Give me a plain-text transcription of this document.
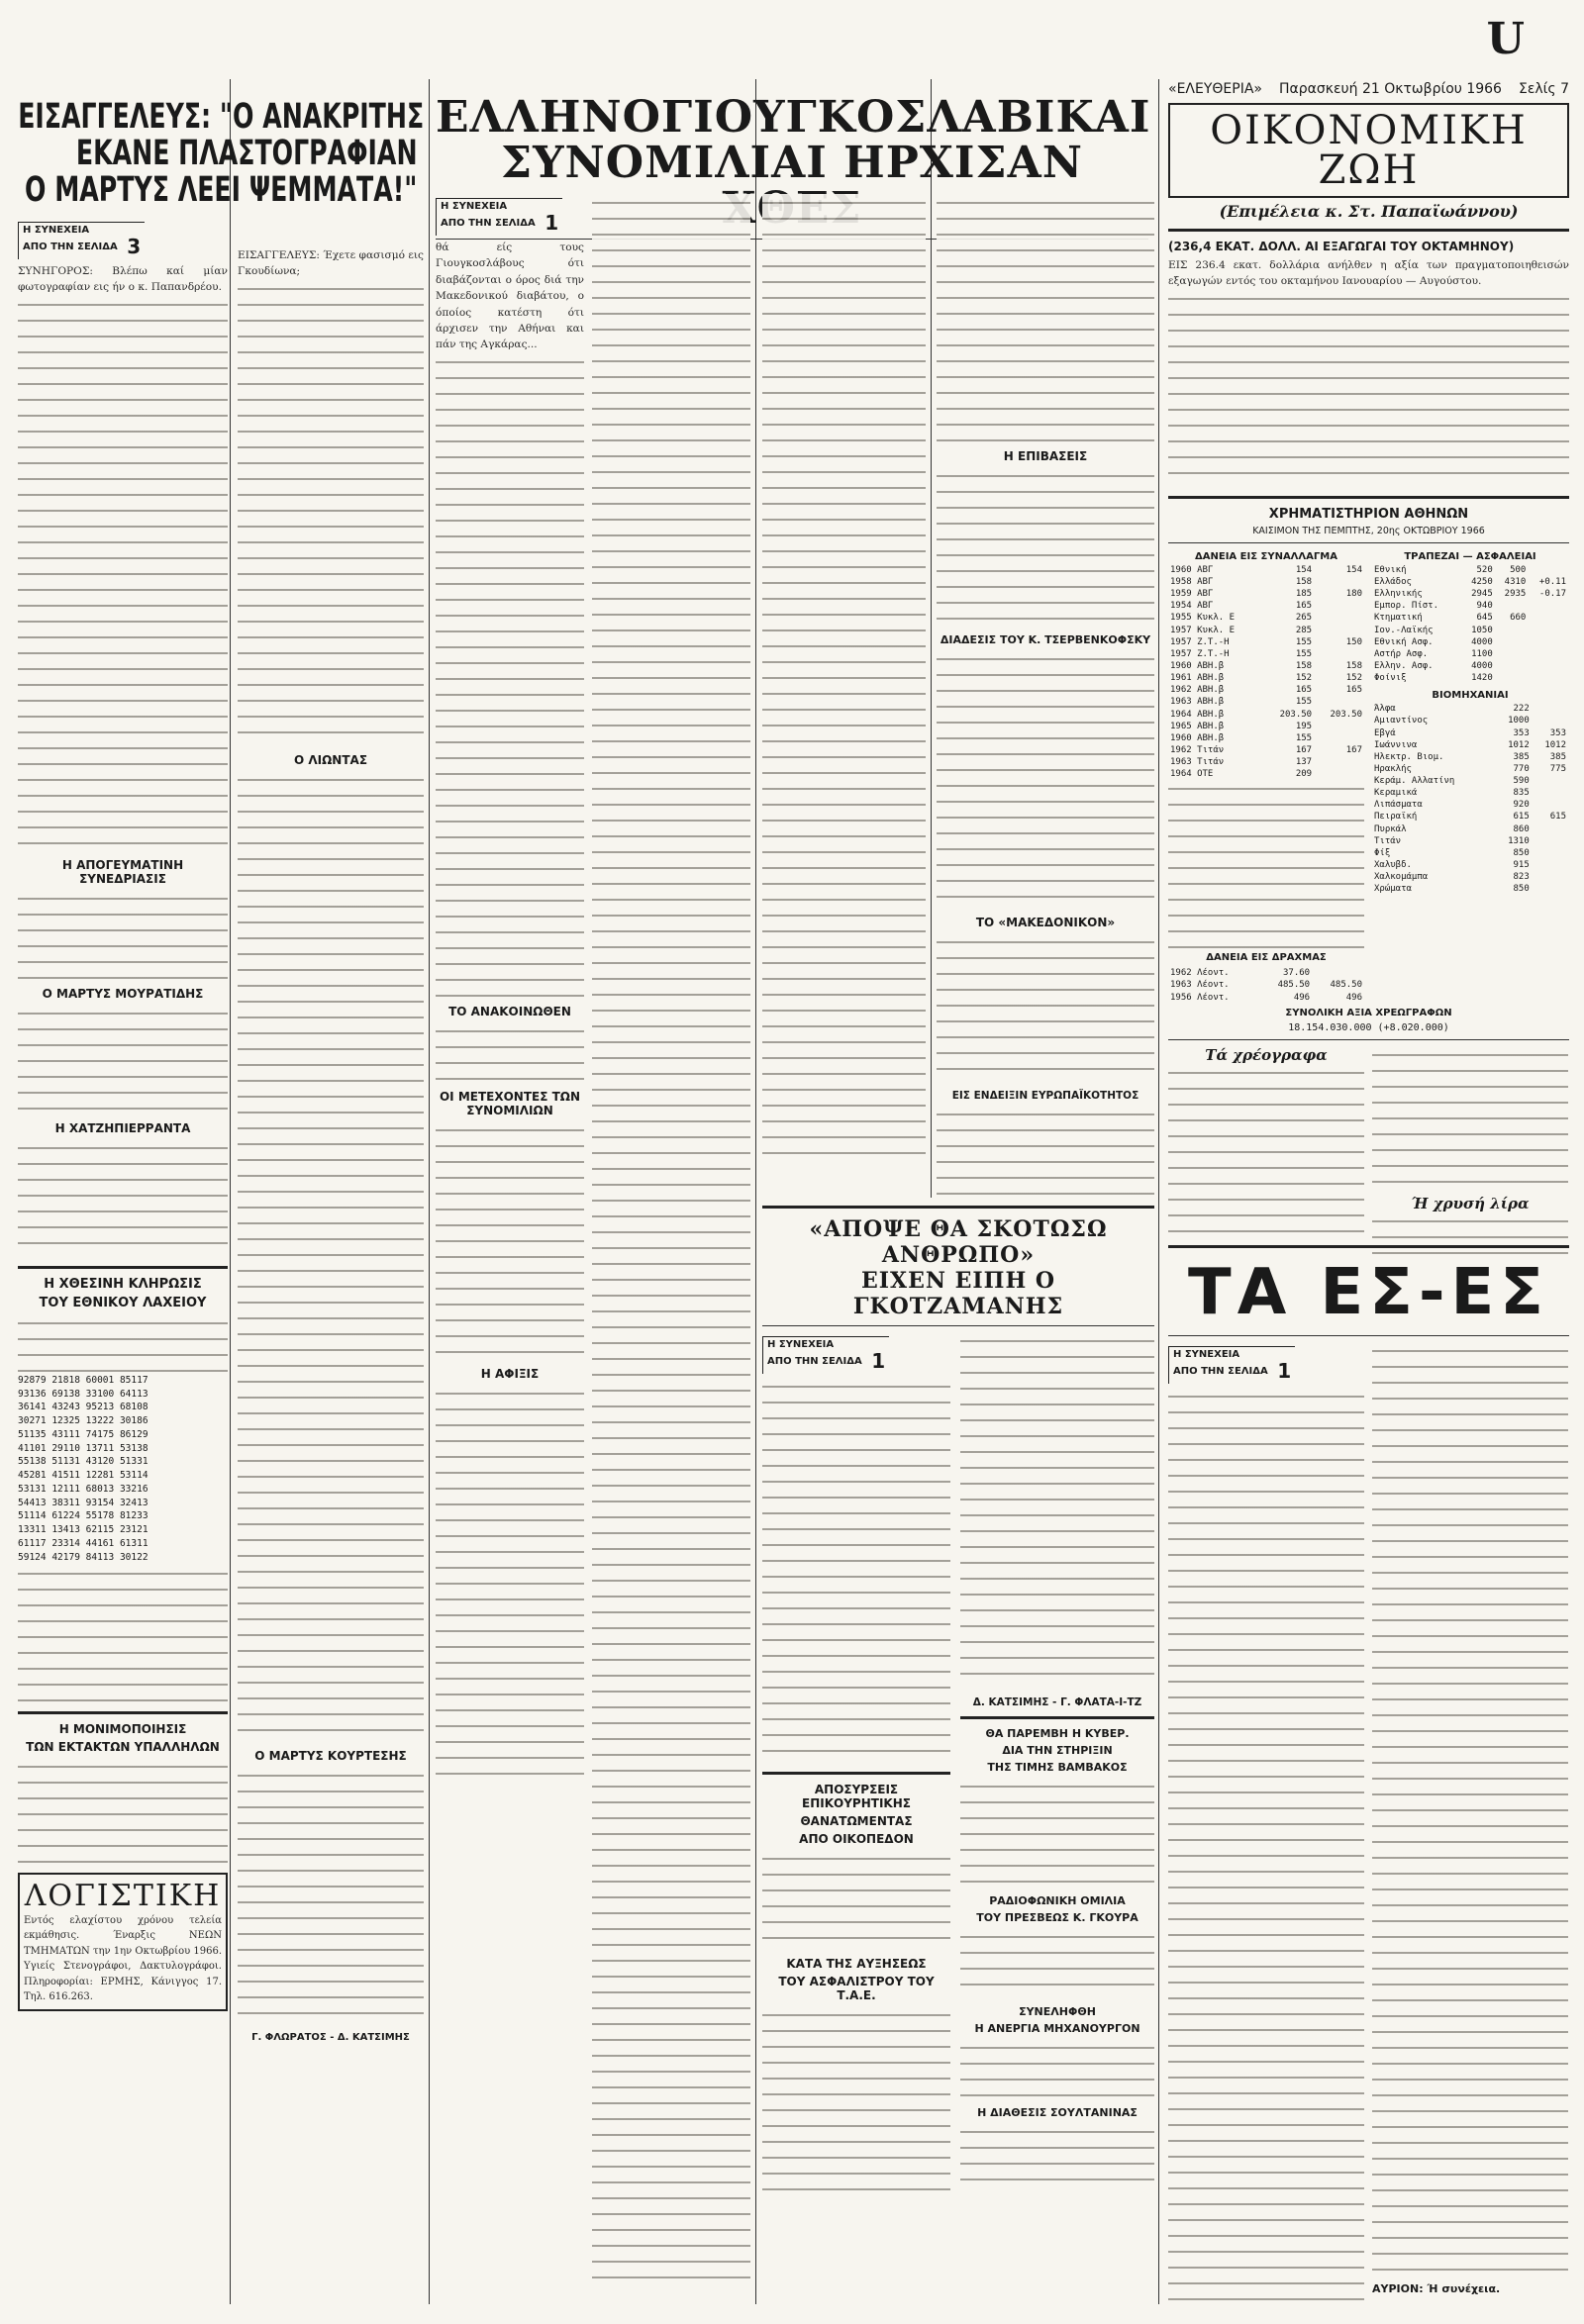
U
ΕΙΣΑΓΓΕΛΕΥΣ: "Ο ΑΝΑΚΡΙΤΗΣ
ΕΚΑΝΕ ΠΛΑΣΤΟΓΡΑΦΙΑΝ
Ο ΜΑΡΤΥΣ ΛΕΕΙ ΨΕΜΜΑΤΑ!"
Η ΣΥΝΕΧΕΙΑ
ΑΠΟ ΤΗΝ ΣΕΛΙΔΑ 3
ΣΥΝΗΓΟΡΟΣ: Βλέπω καί μίαν φωτογραφίαν εις ήν ο κ. Παπανδρέου.
Η ΑΠΟΓΕΥΜΑΤΙΝΗ ΣΥΝΕΔΡΙΑΣΙΣ
Ο ΜΑΡΤΥΣ ΜΟΥΡΑΤΙΔΗΣ
Η ΧΑΤΖΗΠΙΕΡΡΑΝΤΑ
Η ΧΘΕΣΙΝΗ ΚΛΗΡΩΣΙΣ
ΤΟΥ ΕΘΝΙΚΟΥ ΛΑΧΕΙΟΥ
92879 21818 60001 85117
93136 69138 33100 64113
36141 43243 95213 68108
30271 12325 13222 30186
51135 43111 74175 86129
41101 29110 13711 53138
55138 51131 43120 51331
45281 41511 12281 53114
53131 12111 68013 33216
54413 38311 93154 32413
51114 61224 55178 81233
13311 13413 62115 23121
61117 23314 44161 61311
59124 42179 84113 30122
Η ΜΟΝΙΜΟΠΟΙΗΣΙΣ
ΤΩΝ ΕΚΤΑΚΤΩΝ ΥΠΑΛΛΗΛΩΝ
ΛΟΓΙΣΤΙΚΗ
Εντός ελαχίστου χρόνου τελεία εκμάθησις. Έναρξις ΝΕΩΝ ΤΜΗΜΑΤΩΝ την 1ην Οκτωβρίου 1966. Υγιείς Στενογράφοι, Δακτυλογράφοι. Πληροφορίαι: ΕΡΜΗΣ, Κάνιγγος 17. Τηλ. 616.263.
ΕΙΣΑΓΓΕΛΕΥΣ: Έχετε φασισμό εις Γκουδίωνα;
Ο ΛΙΩΝΤΑΣ
Ο ΜΑΡΤΥΣ ΚΟΥΡΤΕΣΗΣ
Γ. ΦΛΩΡΑΤΟΣ - Δ. ΚΑΤΣΙΜΗΣ
ΕΛΛΗΝΟΓΙΟΥΓΚΟΣΛΑΒΙΚΑΙ
ΣΥΝΟΜΙΛΙΑΙ ΗΡΧΙΣΑΝ
Η ΣΥΝΕΧΕΙΑ
ΑΠΟ ΤΗΝ ΣΕΛΙΔΑ 1
θά είς τους Γιουγκοσλάβους ότι διαβάζονται ο όρος διά την Μακεδονικού διαβάτου, ο όποίος κατέστη ότι άρχισεν την Αθήναι και πάν της Αγκάρας...
ΤΟ ΑΝΑΚΟΙΝΩΘΕΝ
ΟΙ ΜΕΤΕΧΟΝΤΕΣ ΤΩΝ ΣΥΝΟΜΙΛΙΩΝ
Η ΑΦΙΞΙΣ
Η ΕΠΙΒΑΣΕΙΣ
ΔΙΑΔΕΣΙΣ ΤΟΥ Κ. ΤΣΕΡΒΕΝΚΟΦΣΚΥ
ΤΟ «ΜΑΚΕΔΟΝΙΚΟΝ»
ΕΙΣ ΕΝΔΕΙΞΙΝ ΕΥΡΩΠΑΪΚΟΤΗΤΟΣ
«ΑΠΟΨΕ ΘΑ ΣΚΟΤΩΣΩ ΑΝΘΡΩΠΟ»
ΕΙΧΕΝ ΕΙΠΗ Ο ΓΚΟΤΖΑΜΑΝΗΣ
Η ΣΥΝΕΧΕΙΑ
ΑΠΟ ΤΗΝ ΣΕΛΙΔΑ 1
ΑΠΟΣΥΡΣΕΙΣ ΕΠΙΚΟΥΡΗΤΙΚΗΣ
ΘΑΝΑΤΩΜΕΝΤΑΣ
ΑΠΟ ΟΙΚΟΠΕΔΟΝ
ΚΑΤΑ ΤΗΣ ΑΥΞΗΣΕΩΣ
ΤΟΥ ΑΣΦΑΛΙΣΤΡΟΥ ΤΟΥ Τ.Α.Ε.
Δ. ΚΑΤΣΙΜΗΣ - Γ. ΦΛΑΤΑ-Ι-ΤΖ
ΘΑ ΠΑΡΕΜΒΗ Η ΚΥΒΕΡ.
ΔΙΑ ΤΗΝ ΣΤΗΡΙΞΙΝ
ΤΗΣ ΤΙΜΗΣ ΒΑΜΒΑΚΟΣ
ΡΑΔΙΟΦΩΝΙΚΗ ΟΜΙΛΙΑ
ΤΟΥ ΠΡΕΣΒΕΩΣ Κ. ΓΚΟΥΡΑ
ΣΥΝΕΛΗΦΘΗ
Η ΑΝΕΡΓΙΑ ΜΗΧΑΝΟΥΡΓΟΝ
Η ΔΙΑΘΕΣΙΣ ΣΟΥΛΤΑΝΙΝΑΣ
«ΕΛΕΥΘΕΡΙΑ» Παρασκευή 21 Οκτωβρίου 1966 Σελίς 7
ΟΙΚΟΝΟΜΙΚΗ ΖΩΗ
(Επιμέλεια κ. Στ. Παπαϊωάννου)
(236,4 ΕΚΑΤ. ΔΟΛΛ. ΑΙ ΕΞΑΓΩΓΑΙ ΤΟΥ ΟΚΤΑΜΗΝΟΥ)
ΕΙΣ 236.4 εκατ. δολλάρια ανήλθεν η αξία των πραγματοποιηθεισών εξαγωγών εντός του οκταμήνου Ιανουαρίου — Αυγούστου.
ΧΡΗΜΑΤΙΣΤΗΡΙΟΝ ΑΘΗΝΩΝ
ΚΑΙΣΙΜΟΝ ΤΗΣ ΠΕΜΠΤΗΣ, 20ης ΟΚΤΩΒΡΙΟΥ 1966
ΔΑΝΕΙΑ ΕΙΣ ΣΥΝΑΛΛΑΓΜΑ
1960 ΑΒΓ	154	154
1958 ΑΒΓ	158	
1959 ΑΒΓ	185	180
1954 ΑΒΓ	165	
1955 Κυκλ. Ε	265	
1957 Κυκλ. Ε	285	
1957 Ζ.Τ.-Η	155	150
1957 Ζ.Τ.-Η	155	
1960 ΑΒΗ.β	158	158
1961 ΑΒΗ.β	152	152
1962 ΑΒΗ.β	165	165
1963 ΑΒΗ.β	155	
1964 ΑΒΗ.β	203.50	203.50
1965 ΑΒΗ.β	195	
1960 ΑΒΗ.β	155	
1962 Τιτάν	167	167
1963 Τιτάν	137	
1964 ΟΤΕ	209	
ΔΑΝΕΙΑ ΕΙΣ ΔΡΑΧΜΑΣ
1962 Λέοντ.	37.60	
1963 Λέοντ.	485.50	485.50
1956 Λέοντ.	496	496
ΤΡΑΠΕΖΑΙ — ΑΣΦΑΛΕΙΑΙ
Εθνική	520	500	
Ελλάδος	4250	4310	+0.11
Ελληνικής	2945	2935	-0.17
Εμπορ. Πίστ.	940		
Κτηματική	645	660	
Ιον.-Λαϊκής	1050		
Εθνική Ασφ.	4000		
Αστήρ Ασφ.	1100		
Ελλην. Ασφ.	4000		
Φοίνιξ	1420		
ΒΙΟΜΗΧΑΝΙΑΙ
Άλφα	222	
Αμιαντίνος	1000	
Εβγά	353	353
Ιωάννινα	1012	1012
Ηλεκτρ. Βιομ.	385	385
Ηρακλής	770	775
Κεράμ. Αλλατίνη	590	
Κεραμικά	835	
Λιπάσματα	920	
Πειραϊκή	615	615
Πυρκάλ	860	
Τιτάν	1310	
Φίξ	850	
Χαλυβδ.	915	
Χαλκομάμπα	823	
Χρώματα	850	
ΣΥΝΟΛΙΚΗ ΑΞΙΑ ΧΡΕΩΓΡΑΦΩΝ
18.154.030.000 (+8.020.000)
Τά χρέογραφα
Ή χρυσή λίρα
ΤΑ ΕΣ-ΕΣ
Η ΣΥΝΕΧΕΙΑ
ΑΠΟ ΤΗΝ ΣΕΛΙΔΑ 1
ΑΥΡΙΟΝ: Ή συνέχεια.
